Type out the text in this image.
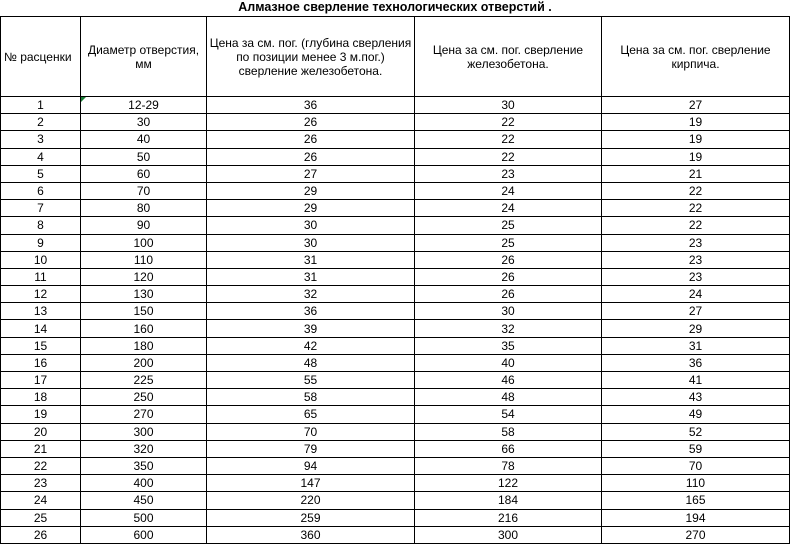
Алмазное сверление технологических отверстий .
№ расценки	Диаметр отверстия, мм	Цена за см. пог. (глубина сверления по позиции менее 3 м.пог.) сверление железобетона.	Цена за см. пог. сверление железобетона.	Цена за см. пог. сверление кирпича.
1	12-29	36	30	27
2	30	26	22	19
3	40	26	22	19
4	50	26	22	19
5	60	27	23	21
6	70	29	24	22
7	80	29	24	22
8	90	30	25	22
9	100	30	25	23
10	110	31	26	23
11	120	31	26	23
12	130	32	26	24
13	150	36	30	27
14	160	39	32	29
15	180	42	35	31
16	200	48	40	36
17	225	55	46	41
18	250	58	48	43
19	270	65	54	49
20	300	70	58	52
21	320	79	66	59
22	350	94	78	70
23	400	147	122	110
24	450	220	184	165
25	500	259	216	194
26	600	360	300	270
